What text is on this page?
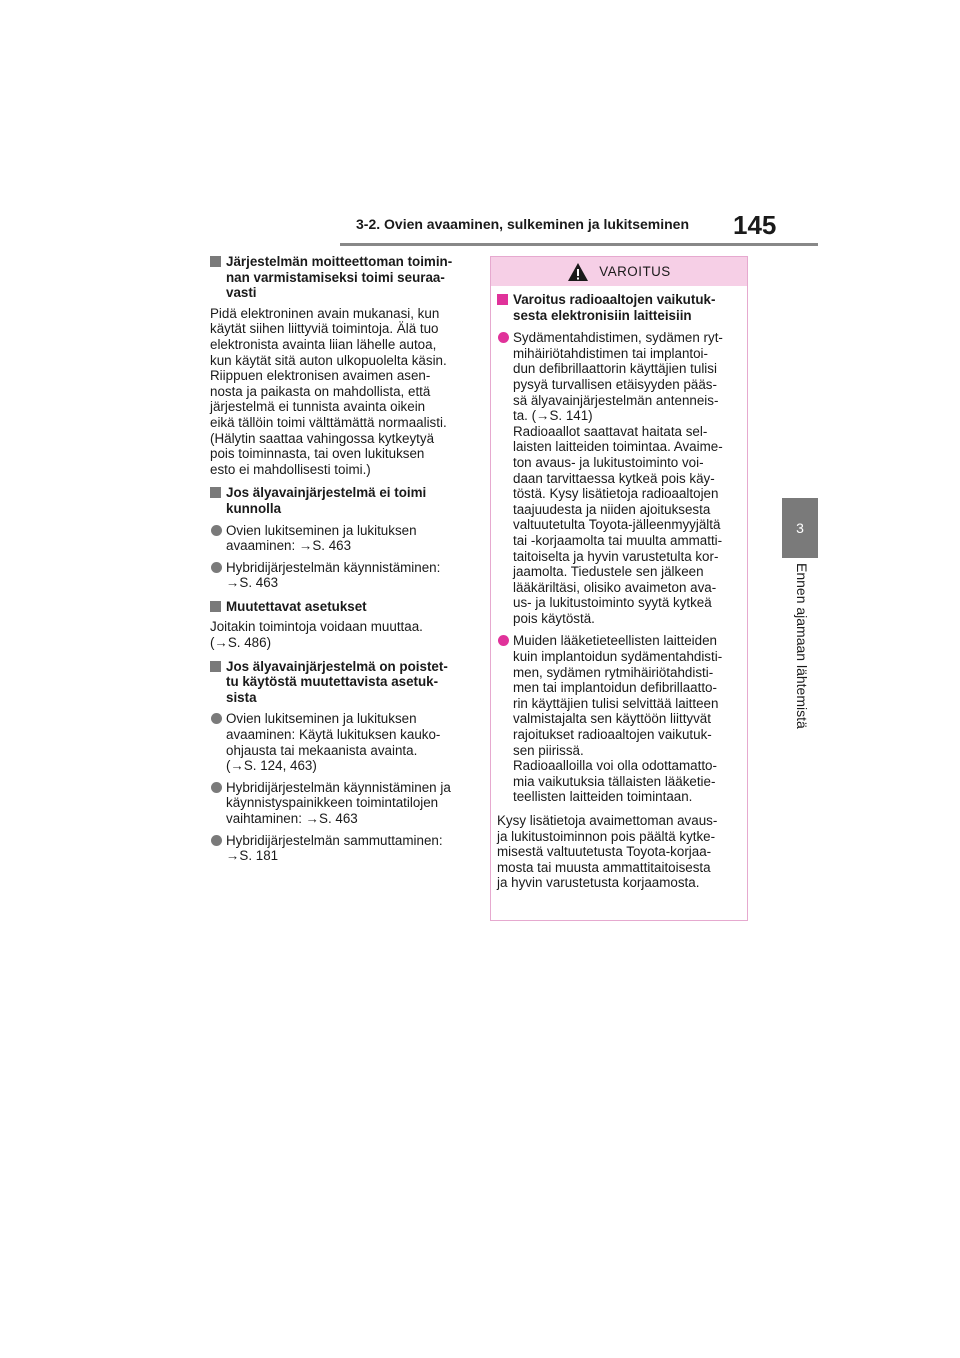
3-2. Ovien avaaminen, sulkeminen ja lukitseminen 145
3
Ennen ajamaan lähtemistä
Järjestelmän moitteettoman toimin-
nan varmistamiseksi toimi seuraa-
vasti
Pidä elektroninen avain mukanasi, kun
käytät siihen liittyviä toimintoja. Älä tuo
elektronista avainta liian lähelle autoa,
kun käytät sitä auton ulkopuolelta käsin.
Riippuen elektronisen avaimen asen-
nosta ja paikasta on mahdollista, että
järjestelmä ei tunnista avainta oikein
eikä tällöin toimi välttämättä normaalisti.
(Hälytin saattaa vahingossa kytkeytyä
pois toiminnasta, tai oven lukituksen
esto ei mahdollisesti toimi.)
Jos älyavainjärjestelmä ei toimi
kunnolla
Ovien lukitseminen ja lukituksen
avaaminen: →S. 463
Hybridijärjestelmän käynnistäminen:
→S. 463
Muutettavat asetukset
Joitakin toimintoja voidaan muuttaa.
(→S. 486)
Jos älyavainjärjestelmä on poistet-
tu käytöstä muutettavista asetuk-
sista
Ovien lukitseminen ja lukituksen
avaaminen: Käytä lukituksen kauko-
ohjausta tai mekaanista avainta.
(→S. 124, 463)
Hybridijärjestelmän käynnistäminen ja
käynnistyspainikkeen toimintatilojen
vaihtaminen: →S. 463
Hybridijärjestelmän sammuttaminen:
→S. 181
VAROITUS
Varoitus radioaaltojen vaikutuk-
sesta elektronisiin laitteisiin
Sydämentahdistimen, sydämen ryt-
mihäiriötahdistimen tai implantoi-
dun defibrillaattorin käyttäjien tulisi
pysyä turvallisen etäisyyden pääs-
sä älyavainjärjestelmän antenneis-
ta. (→S. 141)
Radioaallot saattavat haitata sel-
laisten laitteiden toimintaa. Avaime-
ton avaus- ja lukitustoiminto voi-
daan tarvittaessa kytkeä pois käy-
töstä. Kysy lisätietoja radioaaltojen
taajuudesta ja niiden ajoituksesta
valtuutetulta Toyota-jälleenmyyjältä
tai -korjaamolta tai muulta ammatti-
taitoiselta ja hyvin varustetulta kor-
jaamolta. Tiedustele sen jälkeen
lääkäriltäsi, olisiko avaimeton ava-
us- ja lukitustoiminto syytä kytkeä
pois käytöstä.
Muiden lääketieteellisten laitteiden
kuin implantoidun sydämentahdisti-
men, sydämen rytmihäiriötahdisti-
men tai implantoidun defibrillaatto-
rin käyttäjien tulisi selvittää laitteen
valmistajalta sen käyttöön liittyvät
rajoitukset radioaaltojen vaikutuk-
sen piirissä.
Radioaalloilla voi olla odottamatto-
mia vaikutuksia tällaisten lääketie-
teellisten laitteiden toimintaan.
Kysy lisätietoja avaimettoman avaus-
ja lukitustoiminnon pois päältä kytke-
misestä valtuutetusta Toyota-korjaa-
mosta tai muusta ammattitaitoisesta
ja hyvin varustetusta korjaamosta.
